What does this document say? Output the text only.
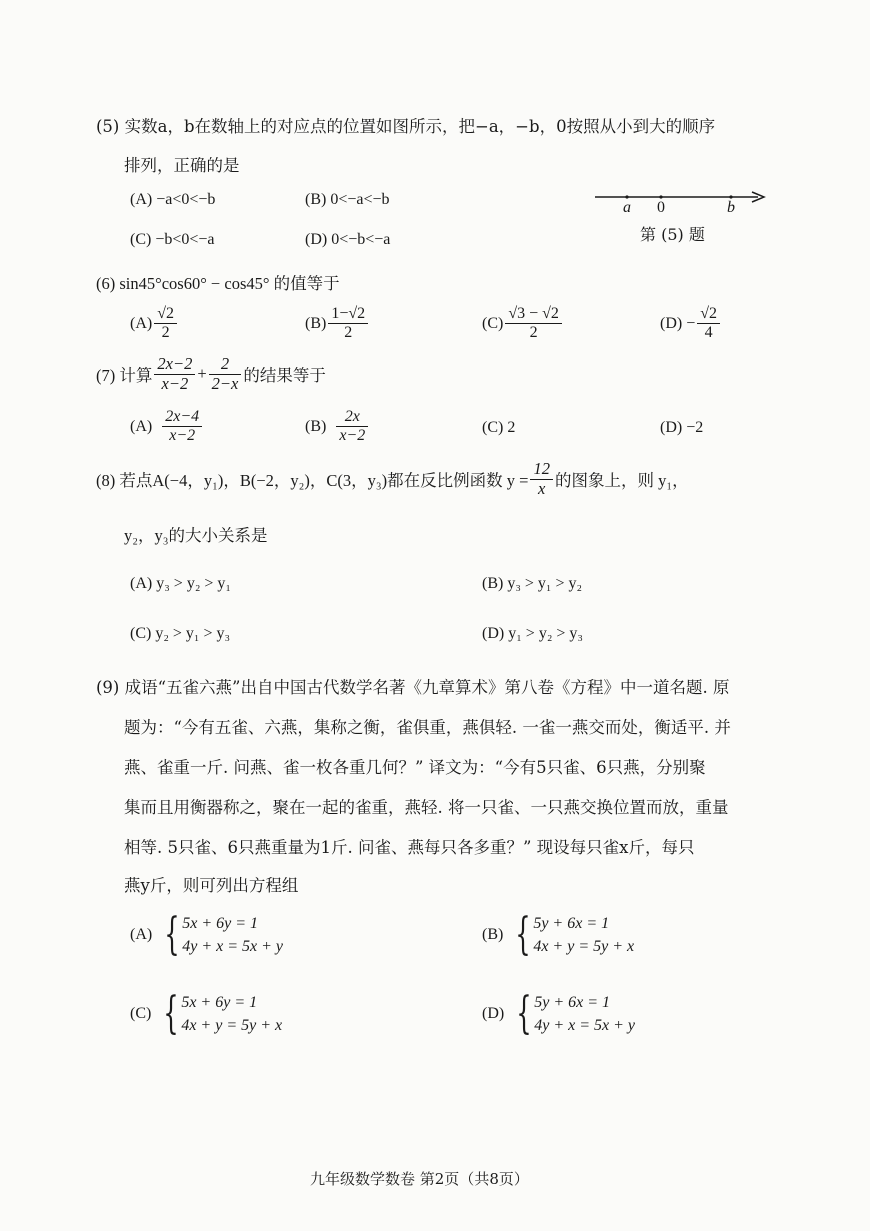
(5) 实数a，b在数轴上的对应点的位置如图所示，把−a，−b，0按照从小到大的顺序
排列，正确的是
(A) −a<0<−b	(B) 0<−a<−b
(C) −b<0<−a	(D) 0<−b<−a
a 0	b
第 (5) 题
(6) sin45°cos60° − cos45° 的值等于
$(A) \frac{√2}{2}$	$(B) \frac{1-√2}{2}$	$(C) \frac{√3 - √2}{2}$	$(D) - \frac{√2}{4}$
(7) 计算 $\frac{2x-2}{x-2} + \frac{2}{2-x}$ 的结果等于
$(A) \frac{2x-4}{x-2}$	$(B) \frac{2x}{x-2}$	(C) 2	(D) −2
(8) 若点A(−4，y₁)，B(−2，y₂)，C(3，y₃)都在反比例函数 $y = \frac{12}{x}$ 的图象上，则 y₁，
y₂，y₃的大小关系是
(A) y₃ > y₂ > y₁	(B) y₃ > y₁ > y₂
(C) y₂ > y₁ > y₃	(D) y₁ > y₂ > y₃
(9) 成语“五雀六燕”出自中国古代数学名著《九章算术》第八卷《方程》中一道名题. 原
题为：“今有五雀、六燕，集称之衡，雀俱重，燕俱轻. 一雀一燕交而处，衡适平. 并
燕、雀重一斤. 问燕、雀一枚各重几何？” 译文为：“今有5只雀、6只燕，分别聚
集而且用衡器称之，聚在一起的雀重，燕轻. 将一只雀、一只燕交换位置而放，重量
相等. 5只雀、6只燕重量为1斤. 问雀、燕每只各多重？” 现设每只雀x斤，每只
燕y斤，则可列出方程组
(A) { 5x + 6y = 1
4y + x = 5x + y
(B) { 5y + 6x = 1
4x + y = 5y + x
(C) { 5x + 6y = 1
4x + y = 5y + x
(D) { 5y + 6x = 1
4y + x = 5x + y
九年级数学数卷 第2页（共8页）
